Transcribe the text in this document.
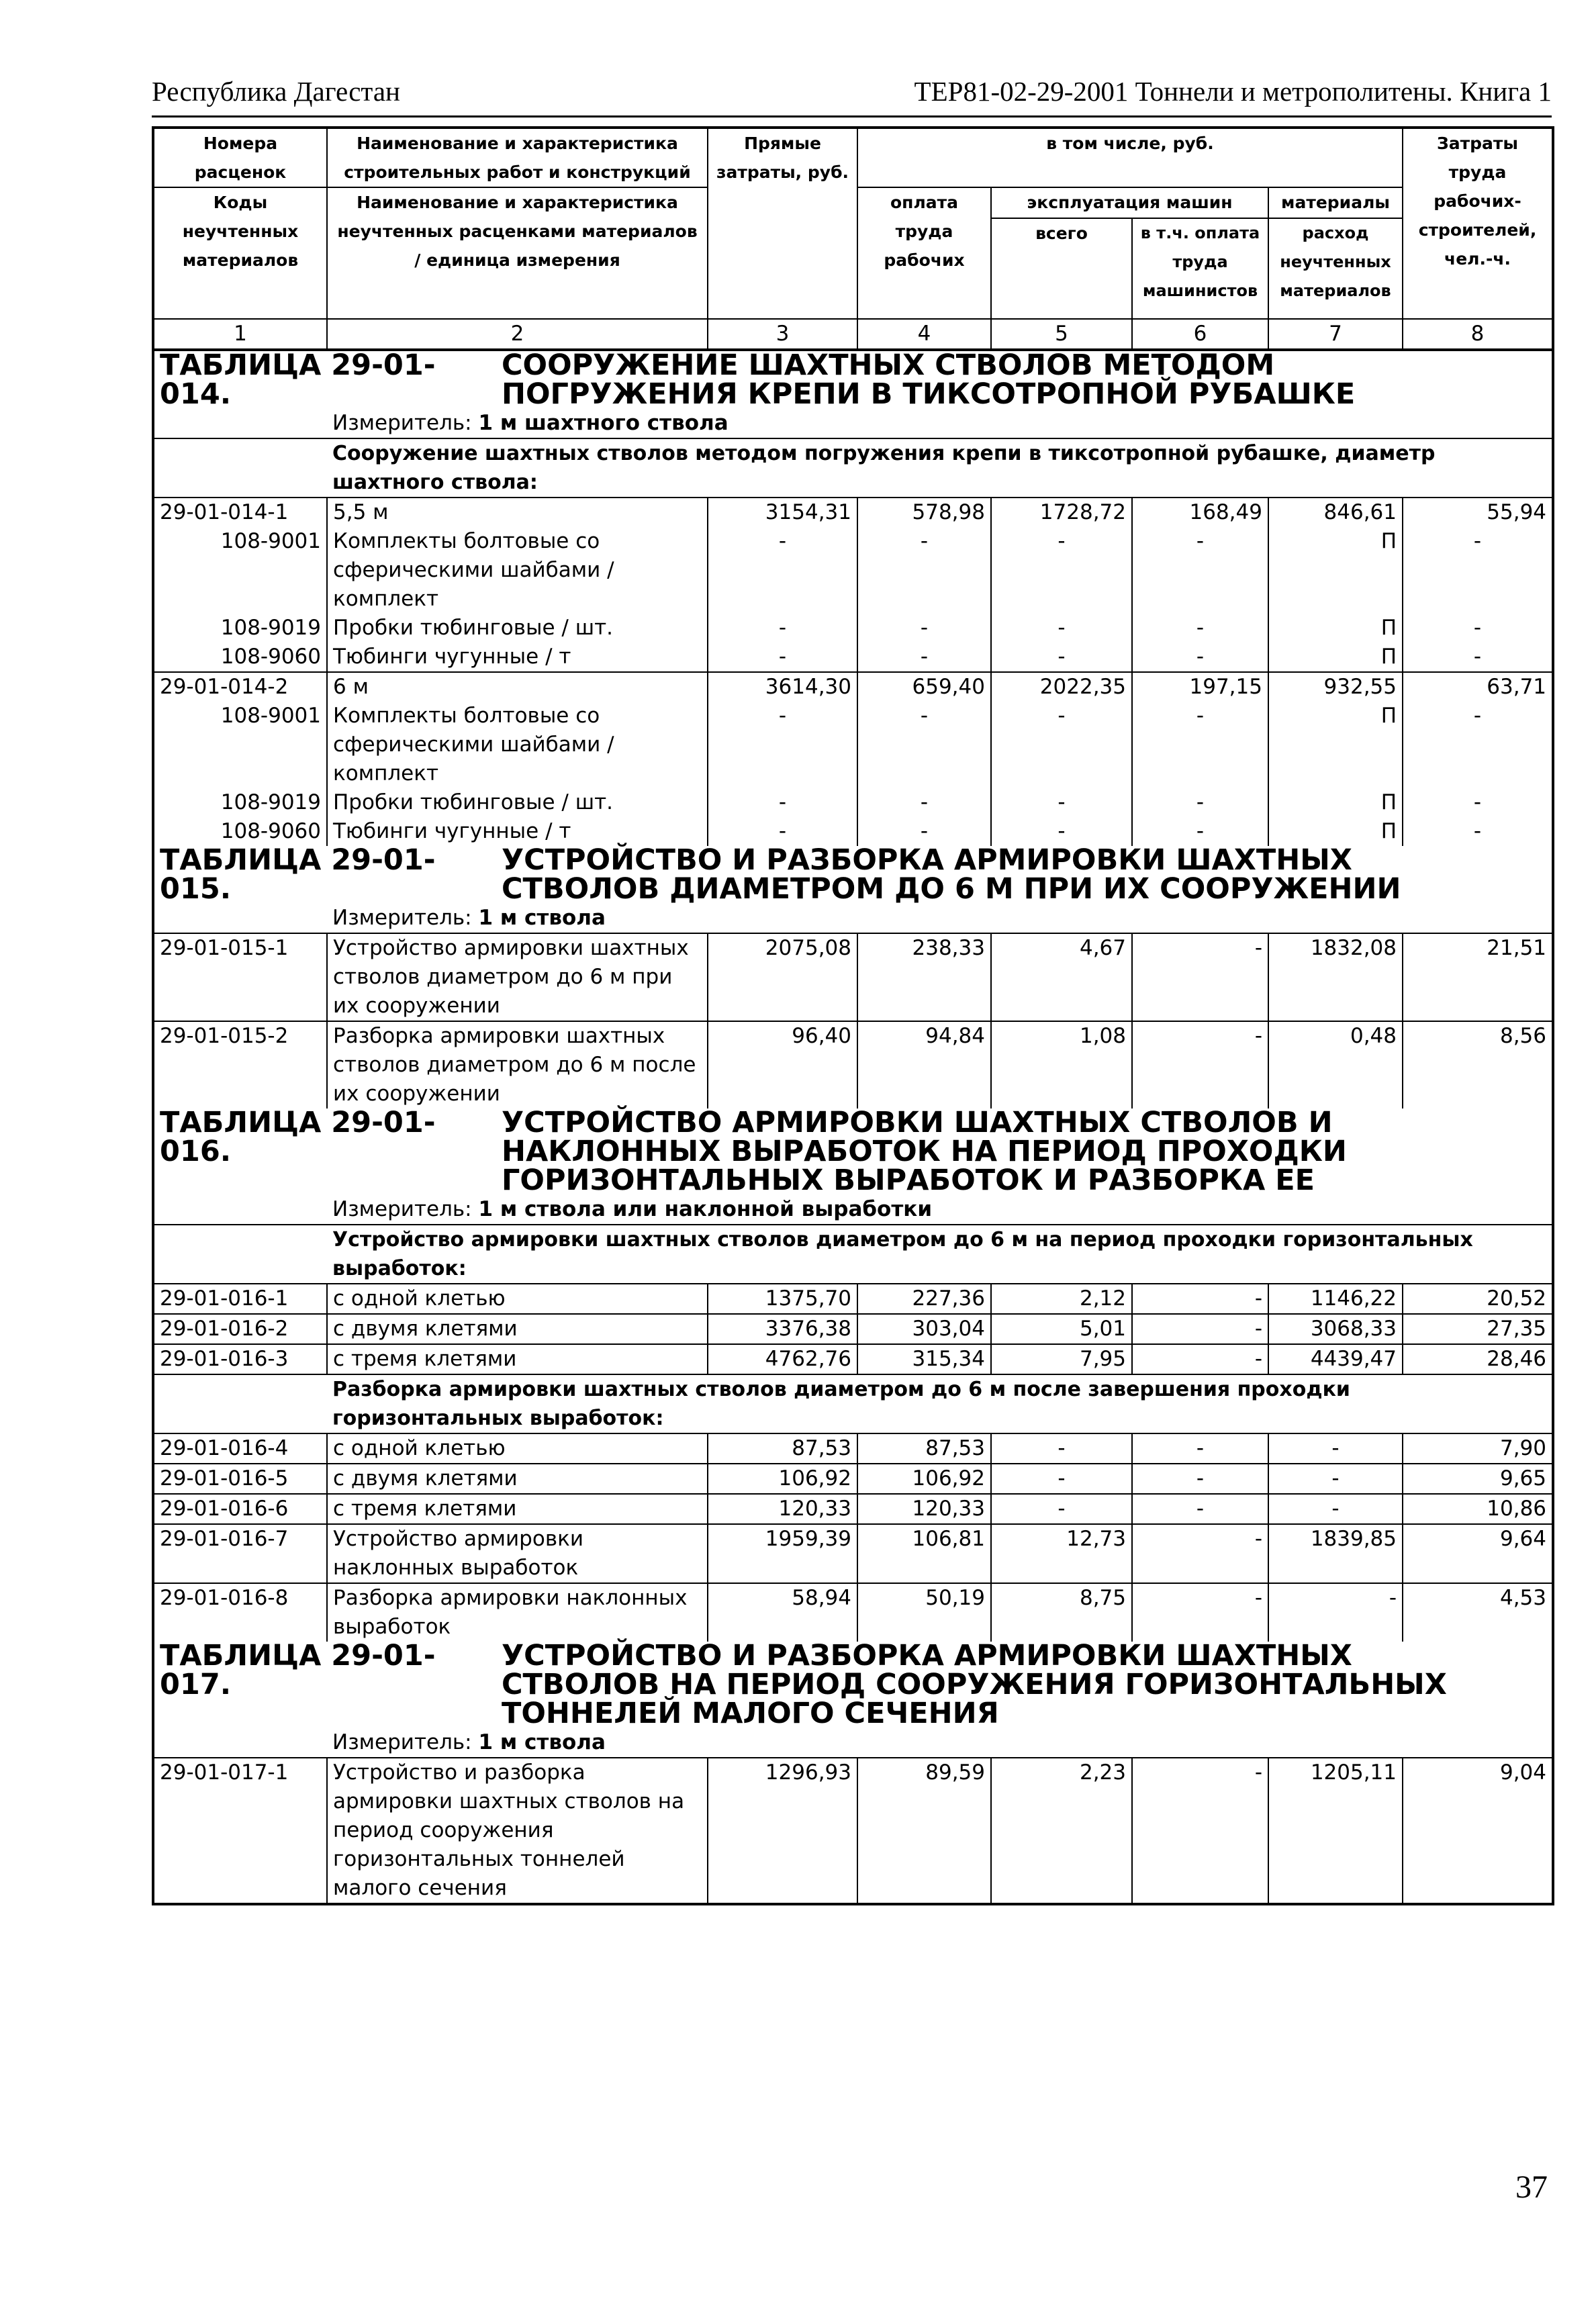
Республика Дагестан	ТЕР81-02-29-2001 Тоннели и метрополитены. Книга 1
Номера расценок	Наименование и характеристика строительных работ и конструкций	Прямые затраты, руб.	в том числе, руб.				Затраты труда рабочих-строителей, чел.-ч.
Коды неучтенных материалов	Наименование и характеристика неучтенных расценками материалов / единица измерения		оплата труда рабочих	эксплуатация машин		материалы	
				всего	в т.ч. оплата труда машинистов	расход неучтенных материалов	
1	2	3	4	5	6	7	8

ТАБЛИЦА 29-01-014.СООРУЖЕНИЕ ШАХТНЫХ СТВОЛОВ МЕТОДОМ ПОГРУЖЕНИЯ КРЕПИ В ТИКСОТРОПНОЙ РУБАШКЕ							

	Измеритель: 1 м шахтного ствола						
	Сооружение шахтных стволов методом погружения крепи в тиксотропной рубашке, диаметр шахтного ствола:						
29-01-014-1	5,5 м	3154,31	578,98	1728,72	168,49	846,61	55,94
108-9001	Комплекты болтовые со сферическими шайбами / комплект	-	-	-	-	П	-
108-9019	Пробки тюбинговые / шт.	-	-	-	-	П	-
108-9060	Тюбинги чугунные / т	-	-	-	-	П	-
29-01-014-2	6 м	3614,30	659,40	2022,35	197,15	932,55	63,71
108-9001	Комплекты болтовые со сферическими шайбами / комплект	-	-	-	-	П	-
108-9019	Пробки тюбинговые / шт.	-	-	-	-	П	-
108-9060	Тюбинги чугунные / т	-	-	-	-	П	-

ТАБЛИЦА 29-01-015.УСТРОЙСТВО И РАЗБОРКА АРМИРОВКИ ШАХТНЫХ СТВОЛОВ ДИАМЕТРОМ ДО 6 М ПРИ ИХ СООРУЖЕНИИ							

	Измеритель: 1 м ствола						
29-01-015-1	Устройство армировки шахтных стволов диаметром до 6 м при их сооружении	2075,08	238,33	4,67	-	1832,08	21,51
29-01-015-2	Разборка армировки шахтных стволов диаметром до 6 м после их сооружении	96,40	94,84	1,08	-	0,48	8,56

ТАБЛИЦА 29-01-016.УСТРОЙСТВО АРМИРОВКИ ШАХТНЫХ СТВОЛОВ И НАКЛОННЫХ ВЫРАБОТОК НА ПЕРИОД ПРОХОДКИ ГОРИЗОНТАЛЬНЫХ ВЫРАБОТОК И РАЗБОРКА ЕЕ							

	Измеритель: 1 м ствола или наклонной выработки						
	Устройство армировки шахтных стволов диаметром до 6 м на период проходки горизонтальных выработок:						
29-01-016-1	с одной клетью	1375,70	227,36	2,12	-	1146,22	20,52
29-01-016-2	с двумя клетями	3376,38	303,04	5,01	-	3068,33	27,35
29-01-016-3	с тремя клетями	4762,76	315,34	7,95	-	4439,47	28,46
	Разборка армировки шахтных стволов диаметром до 6 м после завершения проходки горизонтальных выработок:						
29-01-016-4	с одной клетью	87,53	87,53	-	-	-	7,90
29-01-016-5	с двумя клетями	106,92	106,92	-	-	-	9,65
29-01-016-6	с тремя клетями	120,33	120,33	-	-	-	10,86
29-01-016-7	Устройство армировки наклонных выработок	1959,39	106,81	12,73	-	1839,85	9,64
29-01-016-8	Разборка армировки наклонных выработок	58,94	50,19	8,75	-	-	4,53

ТАБЛИЦА 29-01-017.УСТРОЙСТВО И РАЗБОРКА АРМИРОВКИ ШАХТНЫХ СТВОЛОВ НА ПЕРИОД СООРУЖЕНИЯ ГОРИЗОНТАЛЬНЫХ ТОННЕЛЕЙ МАЛОГО СЕЧЕНИЯ							

	Измеритель: 1 м ствола						
29-01-017-1	Устройство и разборка армировки шахтных стволов на период сооружения горизонтальных тоннелей малого сечения	1296,93	89,59	2,23	-	1205,11	9,04
37
